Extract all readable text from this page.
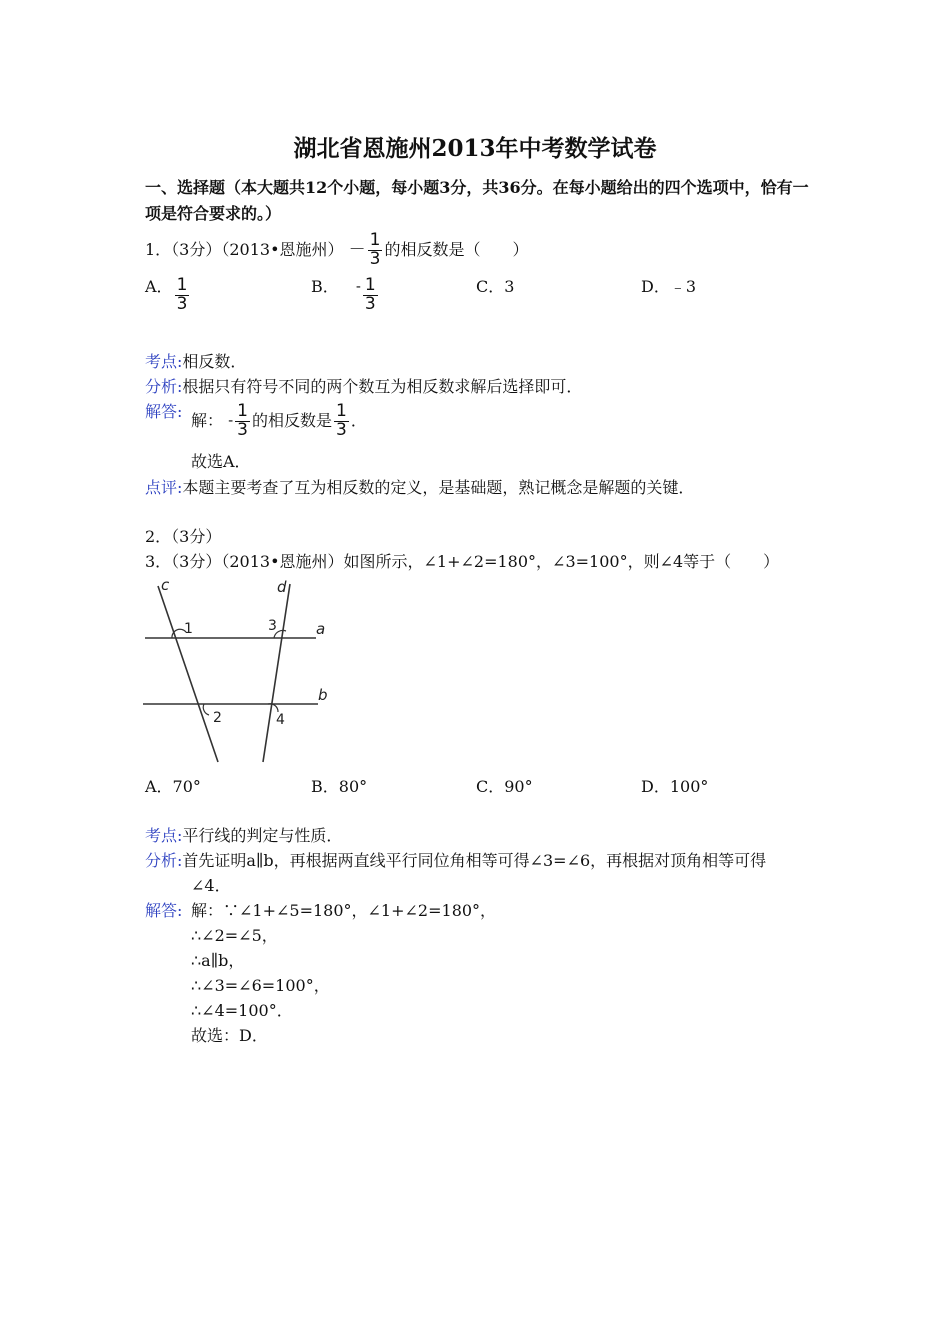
湖北省恩施州2013年中考数学试卷
一、选择题（本大题共12个小题，每小题3分，共36分。在每小题给出的四个选项中，恰有一
项是符合要求的。）
1．（3分）（2013•恩施州） － $\frac{1}{3}$ 的相反数是（　　）
A． $\frac{1}{3}$	B． - $\frac{1}{3}$	C．3	D．﹣3
考点:相反数．
分析:根据只有符号不同的两个数互为相反数求解后选择即可．
解答: 解： - $\frac{1}{3}$ 的相反数是 $\frac{1}{3}$ ．
故选A．
点评:本题主要考查了互为相反数的定义，是基础题，熟记概念是解题的关键．
2．（3分）
3．（3分）（2013•恩施州）如图所示，∠1+∠2=180°，∠3=100°，则∠4等于（　　）
c	d
a
b
1	3
2	4
A．70°	B．80°	C．90°	D．100°
考点:平行线的判定与性质．
分析:首先证明a∥b，再根据两直线平行同位角相等可得∠3=∠6，再根据对顶角相等可得
∠4．
解答: 解：∵∠1+∠5=180°，∠1+∠2=180°，
∴∠2=∠5，
∴a∥b，
∴∠3=∠6=100°，
∴∠4=100°．
故选：D．
